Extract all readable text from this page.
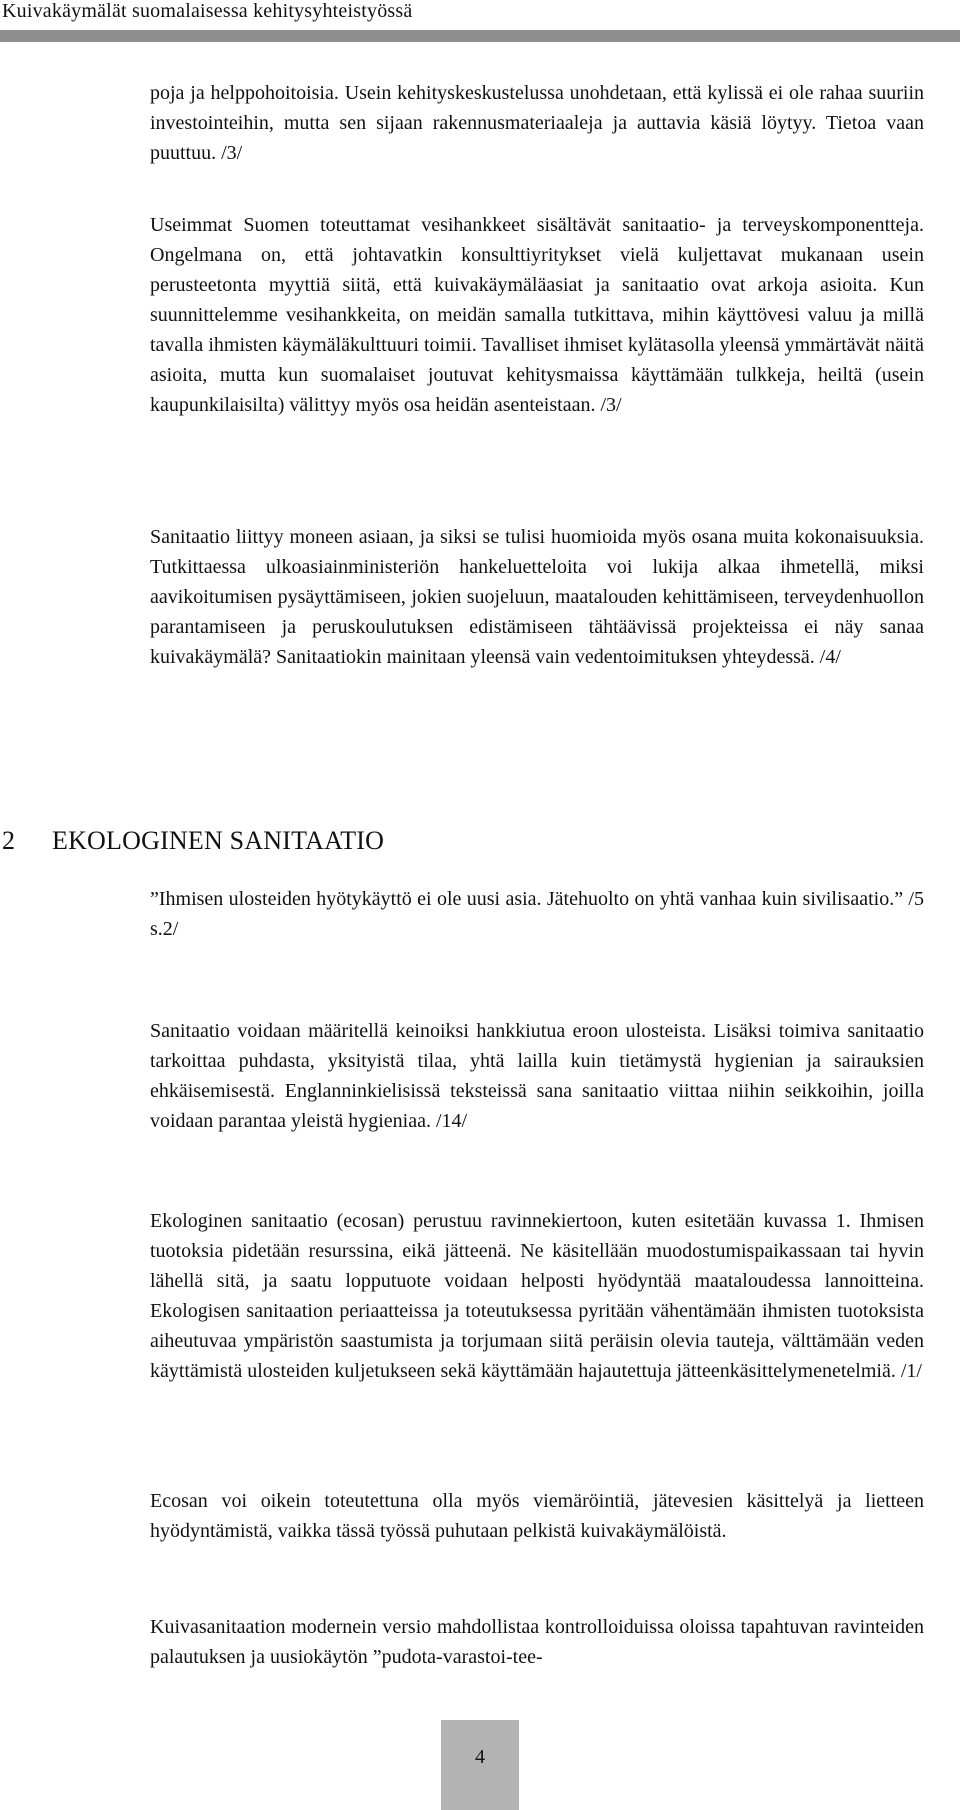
Kuivakäymälät suomalaisessa kehitysyhteistyössä

poja ja helppohoitoisia. Usein kehityskeskustelussa unohdetaan, että kylissä ei ole rahaa suuriin investointeihin, mutta sen sijaan rakennusmateriaaleja ja auttavia käsiä löytyy. Tietoa vaan puuttuu. /3/

Useimmat Suomen toteuttamat vesihankkeet sisältävät sanitaatio- ja terveyskomponentteja. Ongelmana on, että johtavatkin konsulttiyritykset vielä kuljettavat mukanaan usein perusteetonta myyttiä siitä, että kuivakäymäläasiat ja sanitaatio ovat arkoja asioita. Kun suunnittelemme vesihankkeita, on meidän samalla tutkittava, mihin käyttövesi valuu ja millä tavalla ihmisten käymäläkulttuuri toimii. Tavalliset ihmiset kylätasolla yleensä ymmärtävät näitä asioita, mutta kun suomalaiset joutuvat kehitysmaissa käyttämään tulkkeja, heiltä (usein kaupunkilaisilta) välittyy myös osa heidän asenteistaan. /3/

Sanitaatio liittyy moneen asiaan, ja siksi se tulisi huomioida myös osana muita kokonaisuuksia. Tutkittaessa ulkoasiainministeriön hankeluetteloita voi lukija alkaa ihmetellä, miksi aavikoitumisen pysäyttämiseen, jokien suojeluun, maatalouden kehittämiseen, terveydenhuollon parantamiseen ja peruskoulutuksen edistämiseen tähtäävissä projekteissa ei näy sanaa kuivakäymälä? Sanitaatiokin mainitaan yleensä vain vedentoimituksen yhteydessä. /4/

2 EKOLOGINEN SANITAATIO

”Ihmisen ulosteiden hyötykäyttö ei ole uusi asia. Jätehuolto on yhtä vanhaa kuin sivilisaatio.” /5 s.2/

Sanitaatio voidaan määritellä keinoiksi hankkiutua eroon ulosteista. Lisäksi toimiva sanitaatio tarkoittaa puhdasta, yksityistä tilaa, yhtä lailla kuin tietämystä hygienian ja sairauksien ehkäisemisestä. Englanninkielisissä teksteissä sana sanitaatio viittaa niihin seikkoihin, joilla voidaan parantaa yleistä hygieniaa. /14/

Ekologinen sanitaatio (ecosan) perustuu ravinnekiertoon, kuten esitetään kuvassa 1. Ihmisen tuotoksia pidetään resurssina, eikä jätteenä. Ne käsitellään muodostumispaikassaan tai hyvin lähellä sitä, ja saatu lopputuote voidaan helposti hyödyntää maataloudessa lannoitteina. Ekologisen sanitaation periaatteissa ja toteutuksessa pyritään vähentämään ihmisten tuotoksista aiheutuvaa ympäristön saastumista ja torjumaan siitä peräisin olevia tauteja, välttämään veden käyttämistä ulosteiden kuljetukseen sekä käyttämään hajautettuja jätteenkäsittelymenetelmiä. /1/

Ecosan voi oikein toteutettuna olla myös viemäröintiä, jätevesien käsittelyä ja lietteen hyödyntämistä, vaikka tässä työssä puhutaan pelkistä kuivakäymälöistä.

Kuivasanitaation modernein versio mahdollistaa kontrolloiduissa oloissa tapahtuvan ravinteiden palautuksen ja uusiokäytön ”pudota-varastoi-tee-

4
